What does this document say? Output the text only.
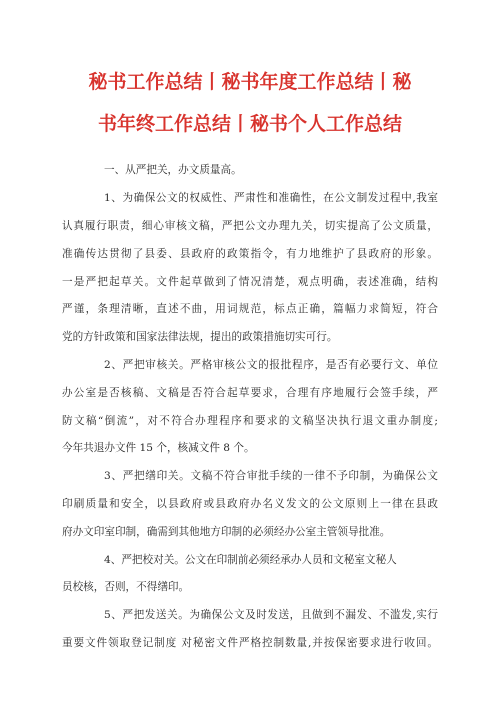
秘书工作总结丨秘书年度工作总结丨秘
书年终工作总结丨秘书个人工作总结
一、从严把关，办文质量高。
1、为确保公文的权威性、严肃性和准确性，在公文制发过程中,我室
认真履行职责，细心审核文稿，严把公文办理九关，切实提高了公文质量，
准确传达贯彻了县委、县政府的政策指令，有力地维护了县政府的形象。
一是严把起草关。文件起草做到了情况清楚，观点明确，表述准确，结构
严谨，条理清晰，直述不曲，用词规范，标点正确，篇幅力求简短，符合
党的方针政策和国家法律法规，提出的政策措施切实可行。
2、严把审核关。严格审核公文的报批程序，是否有必要行文、单位
办公室是否核稿、文稿是否符合起草要求，合理有序地履行会签手续，严
防文稿“倒流”，对不符合办理程序和要求的文稿坚决执行退文重办制度;
今年共退办文件 15 个，核减文件 8 个。
3、严把缮印关。文稿不符合审批手续的一律不予印制，为确保公文
印刷质量和安全，以县政府或县政府办名义发文的公文原则上一律在县政
府办文印室印制，确需到其他地方印制的必须经办公室主管领导批准。
4、严把校对关。公文在印制前必须经承办人员和文秘室文秘人
员校核，否则，不得缮印。
5、严把发送关。为确保公文及时发送，且做到不漏发、不滥发,实行
重要文件领取登记制度 对秘密文件严格控制数量,并按保密要求进行收回。
